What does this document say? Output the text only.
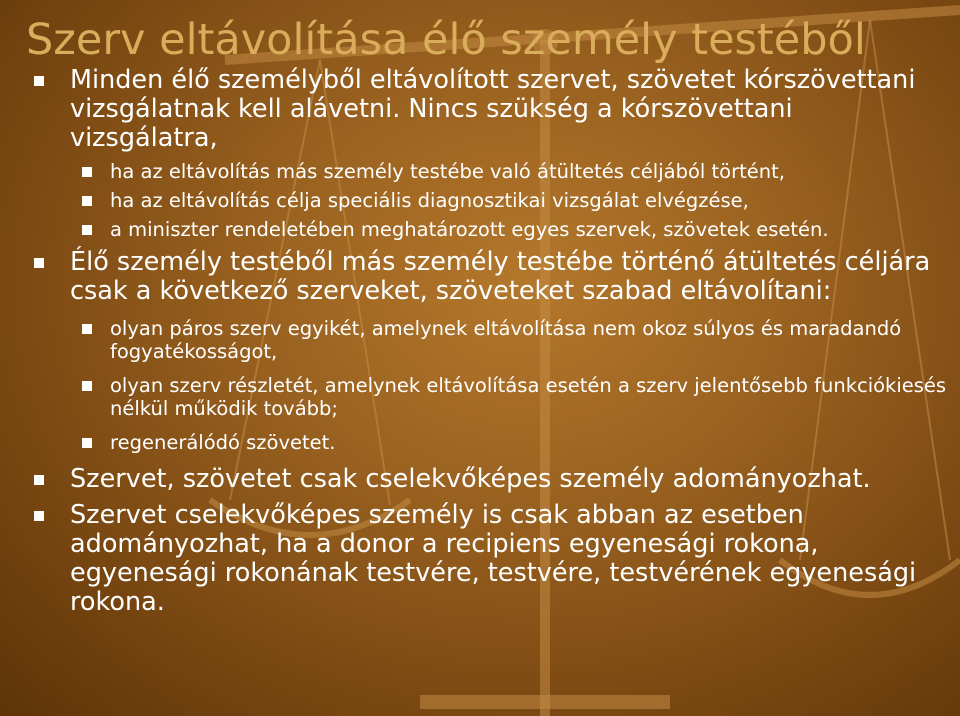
Szerv eltávolítása élő személy testéből
Minden élő személyből eltávolított szervet, szövetet kórszövettani vizsgálatnak kell alávetni. Nincs szükség a kórszövettani vizsgálatra,
ha az eltávolítás más személy testébe való átültetés céljából történt,
ha az eltávolítás célja speciális diagnosztikai vizsgálat elvégzése,
a miniszter rendeletében meghatározott egyes szervek, szövetek esetén.
Élő személy testéből más személy testébe történő átültetés céljára csak a következő szerveket, szöveteket szabad eltávolítani:
olyan páros szerv egyikét, amelynek eltávolítása nem okoz súlyos és maradandó fogyatékosságot,
olyan szerv részletét, amelynek eltávolítása esetén a szerv jelentősebb funkciókiesés nélkül működik tovább;
regenerálódó szövetet.
Szervet, szövetet csak cselekvőképes személy adományozhat.
Szervet cselekvőképes személy is csak abban az esetben adományozhat, ha a donor a recipiens egyenesági rokona, egyenesági rokonának testvére, testvére, testvérének egyenesági rokona.
